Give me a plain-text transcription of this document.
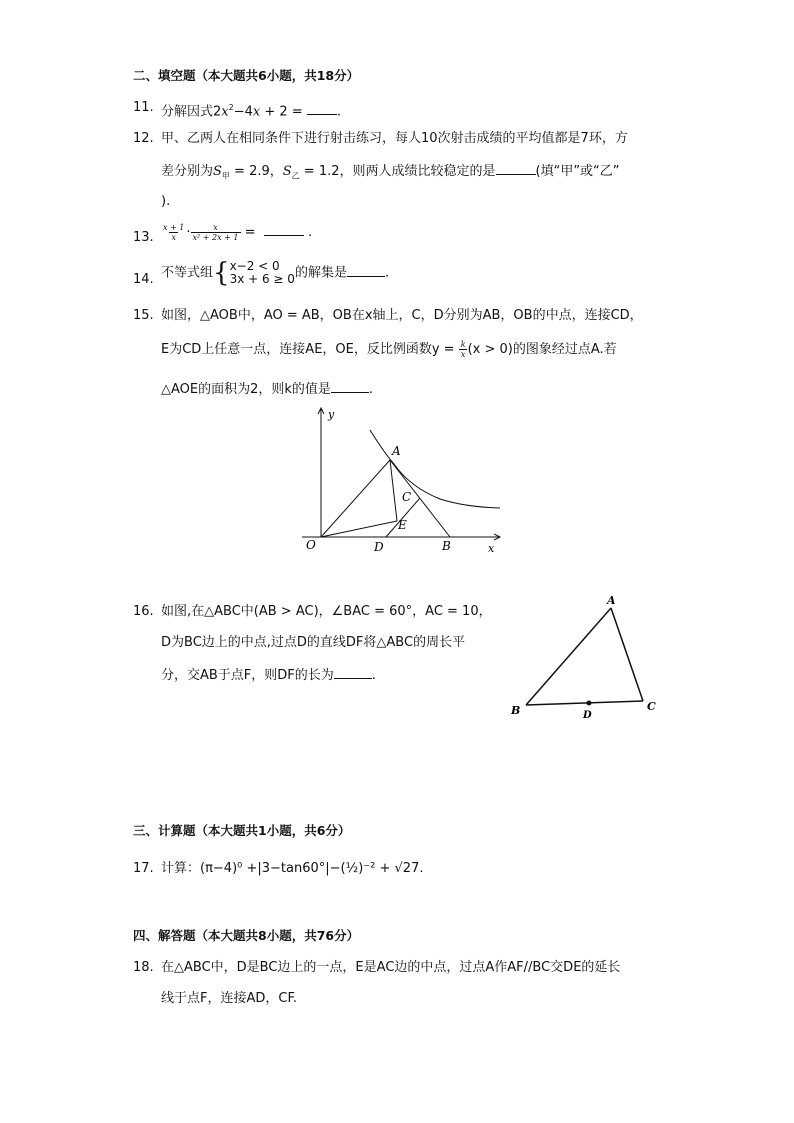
二、填空题（本大题共6小题，共18分）
11. 分解因式$2x^2-4x + 2$ = .
12. 甲、乙两人在相同条件下进行射击练习，每人10次射击成绩的平均值都是7环，方
差分别为$S_甲 = 2.9$，$S_乙 = 1.2$，则两人成绩比较稳定的是	(填“甲”或“乙”
).
13. $\frac{x + 1}{x} \cdot \frac{x}{\text{x² + 2x + 1}}$ =	.
14. 不等式组{ x−2 < 0
3x + 6 ≥ 0 的解集是	.
15. 如图，△AOB中，AO = AB，OB在x轴上，C，D分别为AB，OB的中点，连接CD，
E为CD上任意一点，连接AE，OE，反比例函数$y = \frac{k}{x} (x > 0)$的图象经过点A.若
△AOE的面积为2，则k的值是	.
y
x
O
A
B
C
D
E
16. 如图,在△ABC中(AB > AC)，∠BAC = 60°，AC = 10，
D为BC边上的中点,过点D的直线DF将△ABC的周长平
分，交AB于点F，则DF的长为	.
A
B	C
D
三、计算题（本大题共1小题，共6分）
17. 计算：(π−4)⁰ +|3−tan60°|−(½)⁻² + √27.
四、解答题（本大题共8小题，共76分）
18. 在△ABC中，D是BC边上的一点，E是AC边的中点，过点A作AF//BC交DE的延长
线于点F，连接AD，CF.
